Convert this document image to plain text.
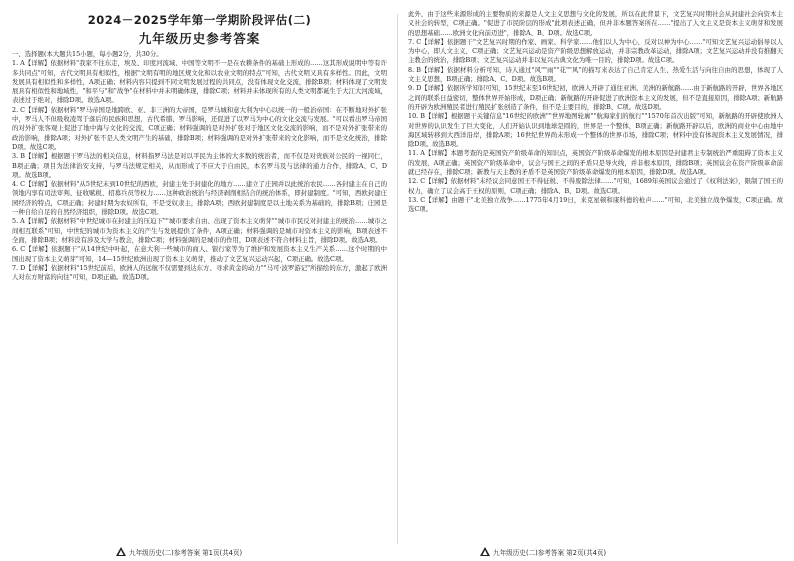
2024－2025学年第一学期阶段评估(二)
九年级历史参考答案

一、选择题(本大题共15小题，每小题2分，共30分。

1. A【详解】依据材料"我家不往东走，埃及、印度河流域、中国等文明不一是在农耕条件的基础上形成的……这其形成说明中等有许多共同点"可知，古代文明具有相似性，根据"文明有明的地区规文化和以农业文明的特点"可知，古代文明又具有多样性。因此，文明发展具有相似性和多样性，A项正确；材料内容只提到不同文明发展过程的共同点，没有体现文化交流，排除B项；材料体现了文明发展具有相似性和地域性，"和平与"和"战争"在材料中并未明确体现，排除C项；材料并未体现所有的人类文明都诞生于大江大河流域，表述过于绝对，排除D项。故选A项。

2. C【详解】依据材料"罗马帝国是地跨欧、亚、非三洲的大帝国，是罗马城和意大利为中心以统一的一般治帝国：在不断地对外扩张中，罗马人不但吸收凌驾于落后的民族和思想，古代希腊、罗马影响，还促进了以罗马为中心的文化交流与发展。"可以看出罗马帝国的对外扩张客观上促进了地中海与文化的交流，C项正确；材料强调的是对外扩张对于地区文化交流的影响，而不是对外扩张带来的政治影响，排除A项；对外扩张不是人类文明产生的基础，排除B项；材料强调的是对外扩张带来的文化影响，而不是文化统治，排除D项。故选C项。

3. B【详解】根据题干罗马法的相关信息，材料指罗马法是对以平民为主体的大多数的统治者，而不仅是对贵族对公民的一视同仁，B项正确；项目为法律治安支持，与罗马法规定相关，从而形成了不应大于自由民，本名罗马及与法律的通力合作，排除A、C、D项。故选B项。

4. C【详解】依据材料"从5世纪末到10世纪的西欧，封建主处于封建化的地方……建立了庄园并以此统治农民……各封建主在自己的领地内享有司法审判、征收赋税、招募兵员等权力……这种政治统治与经济剥削相结合的统治体系，即封建制度。"可知，西欧封建庄园经济的特点，C项正确；封建时期为农奴所有，不是受奴隶主，排除A项；西欧封建制度是以土地关系为基础的，排除B项；庄园是一种自给自足的自然经济组织，排除D项。故选C项。

5. A【详解】依据材料"中世纪城市在封建主的压迫下""城市要求自由、出现了资本主义萌芽""城市市民反对封建主的统治……城市之间相互联系"可知，中世纪的城市为资本主义的产生与发展提供了条件，A项正确；材料强调的是城市对资本主义的影响，B项表述不全面，排除B项；材料没有涉及大学与教会，排除C项；材料强调的是城市的作用，D项表述不符合材料主旨，排除D项。故选A项。

6. C【详解】依据题干"从14世纪中叶起，在意大利一些城市的商人、银行家等为了维护和发展资本主义生产关系……这个时期的中国出现了资本主义萌芽"可知，14—15世纪欧洲出现了资本主义萌芽，推动了文艺复兴运动兴起，C项正确。故选C项。

7. D【详解】依据材料"15世纪前后，欧洲人的远航不仅需要到达东方、寻求黄金的动力""马可·波罗游记"所描绘的东方，激起了欧洲人对东方财富的向往"可知，D项正确。故选D项。

此外，由于这些来源形成的主要物质的来源是人文主义思想与文化的发展，所以在此背景下，文艺复兴时期社会从封建社会向资本主义社会的转型，C项正确。"促进了市民阶层的形成"此项表述正确，但并非本题答案所在……"提出了人文主义是资本主义萌芽和发展的思想基础……欧洲文化向前迈进"，排除A、B、D项。故选C项。

7. C【详解】依据题干"文艺复兴时期的作家、画家、科学家……他们以人为中心，反对以神为中心……"可知文艺复兴运动倡导以人为中心，即人文主义，C项正确；文艺复兴运动是资产阶级思想解放运动，并非宗教改革运动，排除A项；文艺复兴运动并没有推翻天主教会的统治，排除B项；文艺复兴运动并非以复兴古典文化为唯一目的，排除D项。故选C项。

8. B【详解】依据材料分析可知，诗人通过"风""雨""花""风"的描写来表达了自己肯定人生、热爱生活与向往自由的思想，体现了人文主义思想，B项正确；排除A、C、D项。故选B项。

9. D【详解】依据所学知识可知，15世纪末至16世纪初，欧洲人开辟了通往亚洲、美洲的新航路……由于新航路的开辟，世界各地区之间的联系日益密切，整体世界开始形成，D项正确；新航路的开辟促进了欧洲资本主义的发展，但不是直接原因，排除A项；新航路的开辟为欧洲殖民者进行殖民扩张创造了条件，但不是主要目的，排除B、C项。故选D项。

10. B【详解】根据题干关键信息"16世纪的欧洲""世界地图轮廓""航海家们的航行""1570年首次出版"可知，新航路的开辟使欧洲人对世界的认识发生了巨大变化，人们开始认识到地球是圆的，世界是一个整体，B项正确；新航路开辟以后，欧洲的商业中心由地中海区域转移到大西洋沿岸，排除A项；16世纪世界尚未形成一个整体的世界市场，排除C项；材料中没有体现资本主义发展情况，排除D项。故选B项。

11. A【详解】本题考查的是英国资产阶级革命的知识点，英国资产阶级革命爆发的根本原因是封建君主专制统治严重阻碍了资本主义的发展，A项正确；英国资产阶级革命中，议会与国王之间的矛盾只是导火线，并非根本原因，排除B项；英国议会在资产阶级革命前就已经存在，排除C项；新教与天主教的矛盾不是英国资产阶级革命爆发的根本原因，排除D项。故选A项。

12. C【详解】依据材料"未经议会同意国王不得征税、不得废除法律……"可知，1689年英国议会通过了《权利法案》，限制了国王的权力，确立了议会高于王权的原则，C项正确；排除A、B、D项。故选C项。

13. C【详解】由题干"北美独立战争……1775年4月19日，来克星顿和康科德的枪声……"可知，北美独立战争爆发，C项正确。故选C项。

九年级历史(二)参考答案 第1页(共4页)	九年级历史(二)参考答案 第2页(共4页)
